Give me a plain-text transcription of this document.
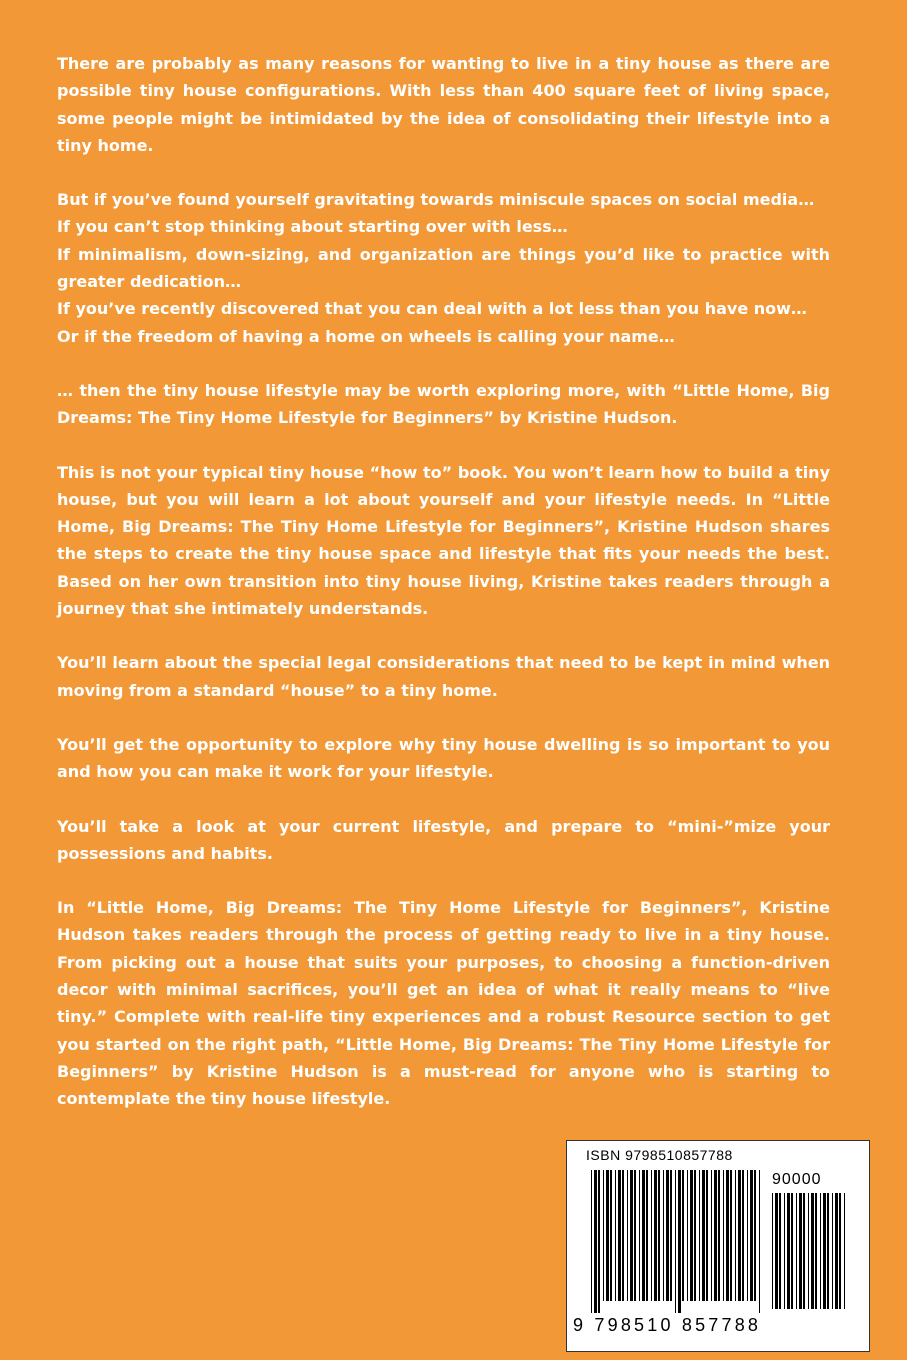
There are probably as many reasons for wanting to live in a tiny house as there are possible tiny house configurations. With less than 400 square feet of living space, some people might be intimidated by the idea of consolidating their lifestyle into a tiny home.

But if you’ve found yourself gravitating towards miniscule spaces on social media…
If you can’t stop thinking about starting over with less…
If minimalism, down-sizing, and organization are things you’d like to practice with greater dedication…
If you’ve recently discovered that you can deal with a lot less than you have now…
Or if the freedom of having a home on wheels is calling your name…

… then the tiny house lifestyle may be worth exploring more, with “Little Home, Big Dreams: The Tiny Home Lifestyle for Beginners” by Kristine Hudson.

This is not your typical tiny house “how to” book. You won’t learn how to build a tiny house, but you will learn a lot about yourself and your lifestyle needs. In “Little Home, Big Dreams: The Tiny Home Lifestyle for Beginners”, Kristine Hudson shares the steps to create the tiny house space and lifestyle that fits your needs the best. Based on her own transition into tiny house living, Kristine takes readers through a journey that she intimately understands.

You’ll learn about the special legal considerations that need to be kept in mind when moving from a standard “house” to a tiny home.

You’ll get the opportunity to explore why tiny house dwelling is so important to you and how you can make it work for your lifestyle.

You’ll take a look at your current lifestyle, and prepare to “mini-”mize your possessions and habits.

In “Little Home, Big Dreams: The Tiny Home Lifestyle for Beginners”, Kristine Hudson takes readers through the process of getting ready to live in a tiny house. From picking out a house that suits your purposes, to choosing a function-driven decor with minimal sacrifices, you’ll get an idea of what it really means to “live tiny.” Complete with real-life tiny experiences and a robust Resource section to get you started on the right path, “Little Home, Big Dreams: The Tiny Home Lifestyle for Beginners” by Kristine Hudson is a must-read for anyone who is starting to contemplate the tiny house lifestyle.

ISBN 9798510857788
90000
9 798510 857788
